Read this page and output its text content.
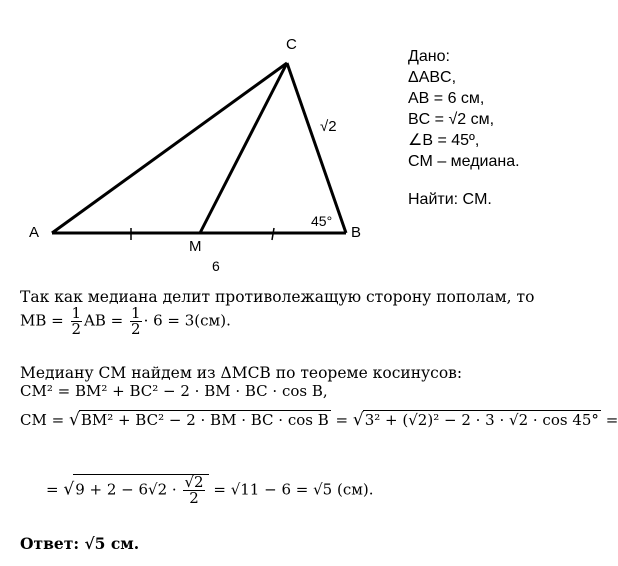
A	B
C
M
6
√2
45°
Дано:
ΔABC,
AB = 6 см,
BC = √2 см,
∠B = 45º,
CM – медиана.
Найти: CM.
Так как медиана делит противолежащую сторону пополам, то
MB = $\frac{1}{2}$ AB = $\frac{1}{2} \cdot 6 = 3(см)$.
Медиану CM найдем из ΔMCB по теореме косинусов:
CM² = BM² + BC² − 2 · BM · BC · cos B,
CM = √BM² + BC² − 2 · BM · BC · cos B = √3² + (√2)² − 2 · 3 · √2 · cos 45° =
= $√9 + 2 - 6√2 \cdot \frac{√2}{2} = √11 - 6 = √5$ (см).
Ответ: √5 см.
